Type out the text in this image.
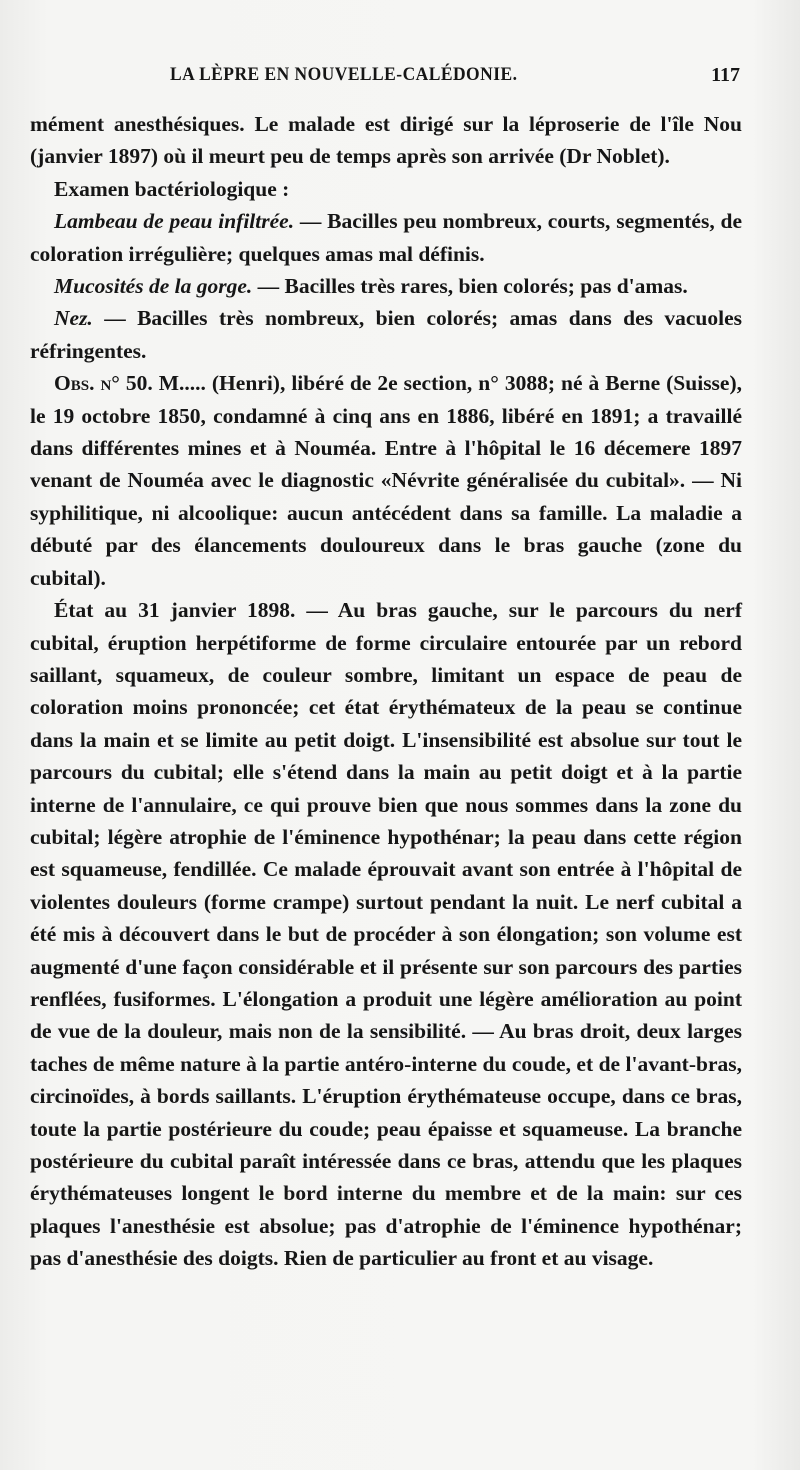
LA LÈPRE EN NOUVELLE-CALÉDONIE.	117

mément anesthésiques. Le malade est dirigé sur la léproserie de l'île Nou (janvier 1897) où il meurt peu de temps après son arrivée (Dr Noblet).

Examen bactériologique :

Lambeau de peau infiltrée. — Bacilles peu nombreux, courts, segmentés, de coloration irrégulière; quelques amas mal définis.

Mucosités de la gorge. — Bacilles très rares, bien colorés; pas d'amas.

Nez. — Bacilles très nombreux, bien colorés; amas dans des vacuoles réfringentes.

Obs. n° 50. M..... (Henri), libéré de 2e section, n° 3088; né à Berne (Suisse), le 19 octobre 1850, condamné à cinq ans en 1886, libéré en 1891; a travaillé dans différentes mines et à Nouméa. Entre à l'hôpital le 16 décemere 1897 venant de Nouméa avec le diagnostic «Névrite généralisée du cubital». — Ni syphilitique, ni alcoolique: aucun antécédent dans sa famille. La maladie a débuté par des élancements douloureux dans le bras gauche (zone du cubital).

État au 31 janvier 1898. — Au bras gauche, sur le parcours du nerf cubital, éruption herpétiforme de forme circulaire entourée par un rebord saillant, squameux, de couleur sombre, limitant un espace de peau de coloration moins prononcée; cet état érythémateux de la peau se continue dans la main et se limite au petit doigt. L'insensibilité est absolue sur tout le parcours du cubital; elle s'étend dans la main au petit doigt et à la partie interne de l'annulaire, ce qui prouve bien que nous sommes dans la zone du cubital; légère atrophie de l'éminence hypothénar; la peau dans cette région est squameuse, fendillée. Ce malade éprouvait avant son entrée à l'hôpital de violentes douleurs (forme crampe) surtout pendant la nuit. Le nerf cubital a été mis à découvert dans le but de procéder à son élongation; son volume est augmenté d'une façon considérable et il présente sur son parcours des parties renflées, fusiformes. L'élongation a produit une légère amélioration au point de vue de la douleur, mais non de la sensibilité. — Au bras droit, deux larges taches de même nature à la partie antéro-interne du coude, et de l'avant-bras, circinoïdes, à bords saillants. L'éruption érythémateuse occupe, dans ce bras, toute la partie postérieure du coude; peau épaisse et squameuse. La branche postérieure du cubital paraît intéressée dans ce bras, attendu que les plaques érythémateuses longent le bord interne du membre et de la main: sur ces plaques l'anesthésie est absolue; pas d'atrophie de l'éminence hypothénar; pas d'anesthésie des doigts. Rien de particulier au front et au visage.
